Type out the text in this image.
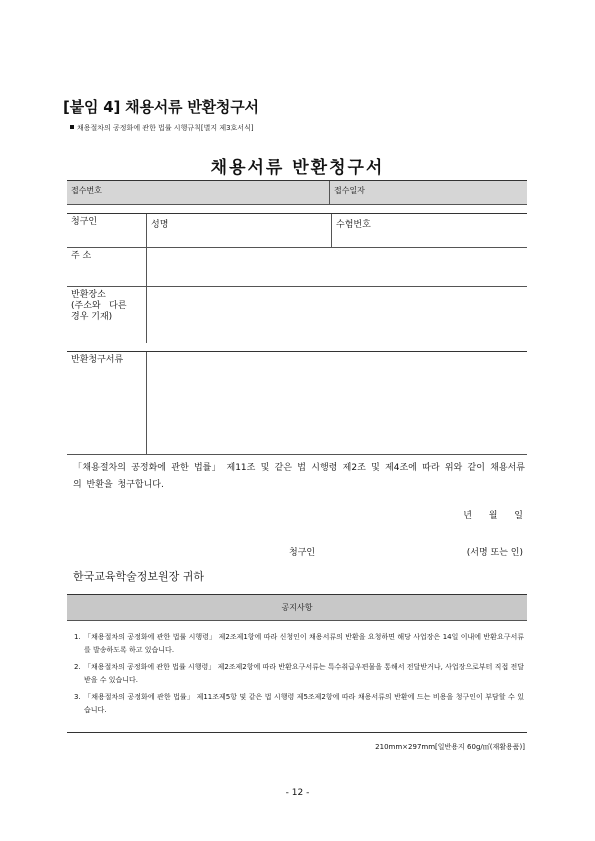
[붙임 4] 채용서류 반환청구서
채용절차의 공정화에 관한 법률 시행규칙[별지 제3호서식]
채용서류 반환청구서
접수번호	접수일자
청구인	성명	수험번호
주 소
반환장소
(주소와   다른
경우 기재)
반환청구서류
「채용절차의 공정화에 관한 법률」 제11조 및 같은 법 시행령 제2조 및 제4조에 따라 위와 같이 채용서류의 반환을 청구합니다.
년 월 일
청구인	(서명 또는 인)
한국교육학술정보원장 귀하
공지사항
1. 「채용절차의 공정화에 관한 법률 시행령」 제2조제1항에 따라 신청인이 채용서류의 반환을 요청하면 해당 사업장은 14일 이내에 반환요구서류를 발송하도록 하고 있습니다.
2. 「채용절차의 공정화에 관한 법률 시행령」 제2조제2항에 따라 반환요구서류는 특수취급우편물을 통해서 전달받거나, 사업장으로부터 직접 전달받을 수 있습니다.
3. 「채용절차의 공정화에 관한 법률」 제11조제5항 및 같은 법 시행령 제5조제2항에 따라 채용서류의 반환에 드는 비용을 청구인이 부담할 수 있습니다.
210mm×297mm[일반용지 60g/㎡(재활용품)]
- 12 -
